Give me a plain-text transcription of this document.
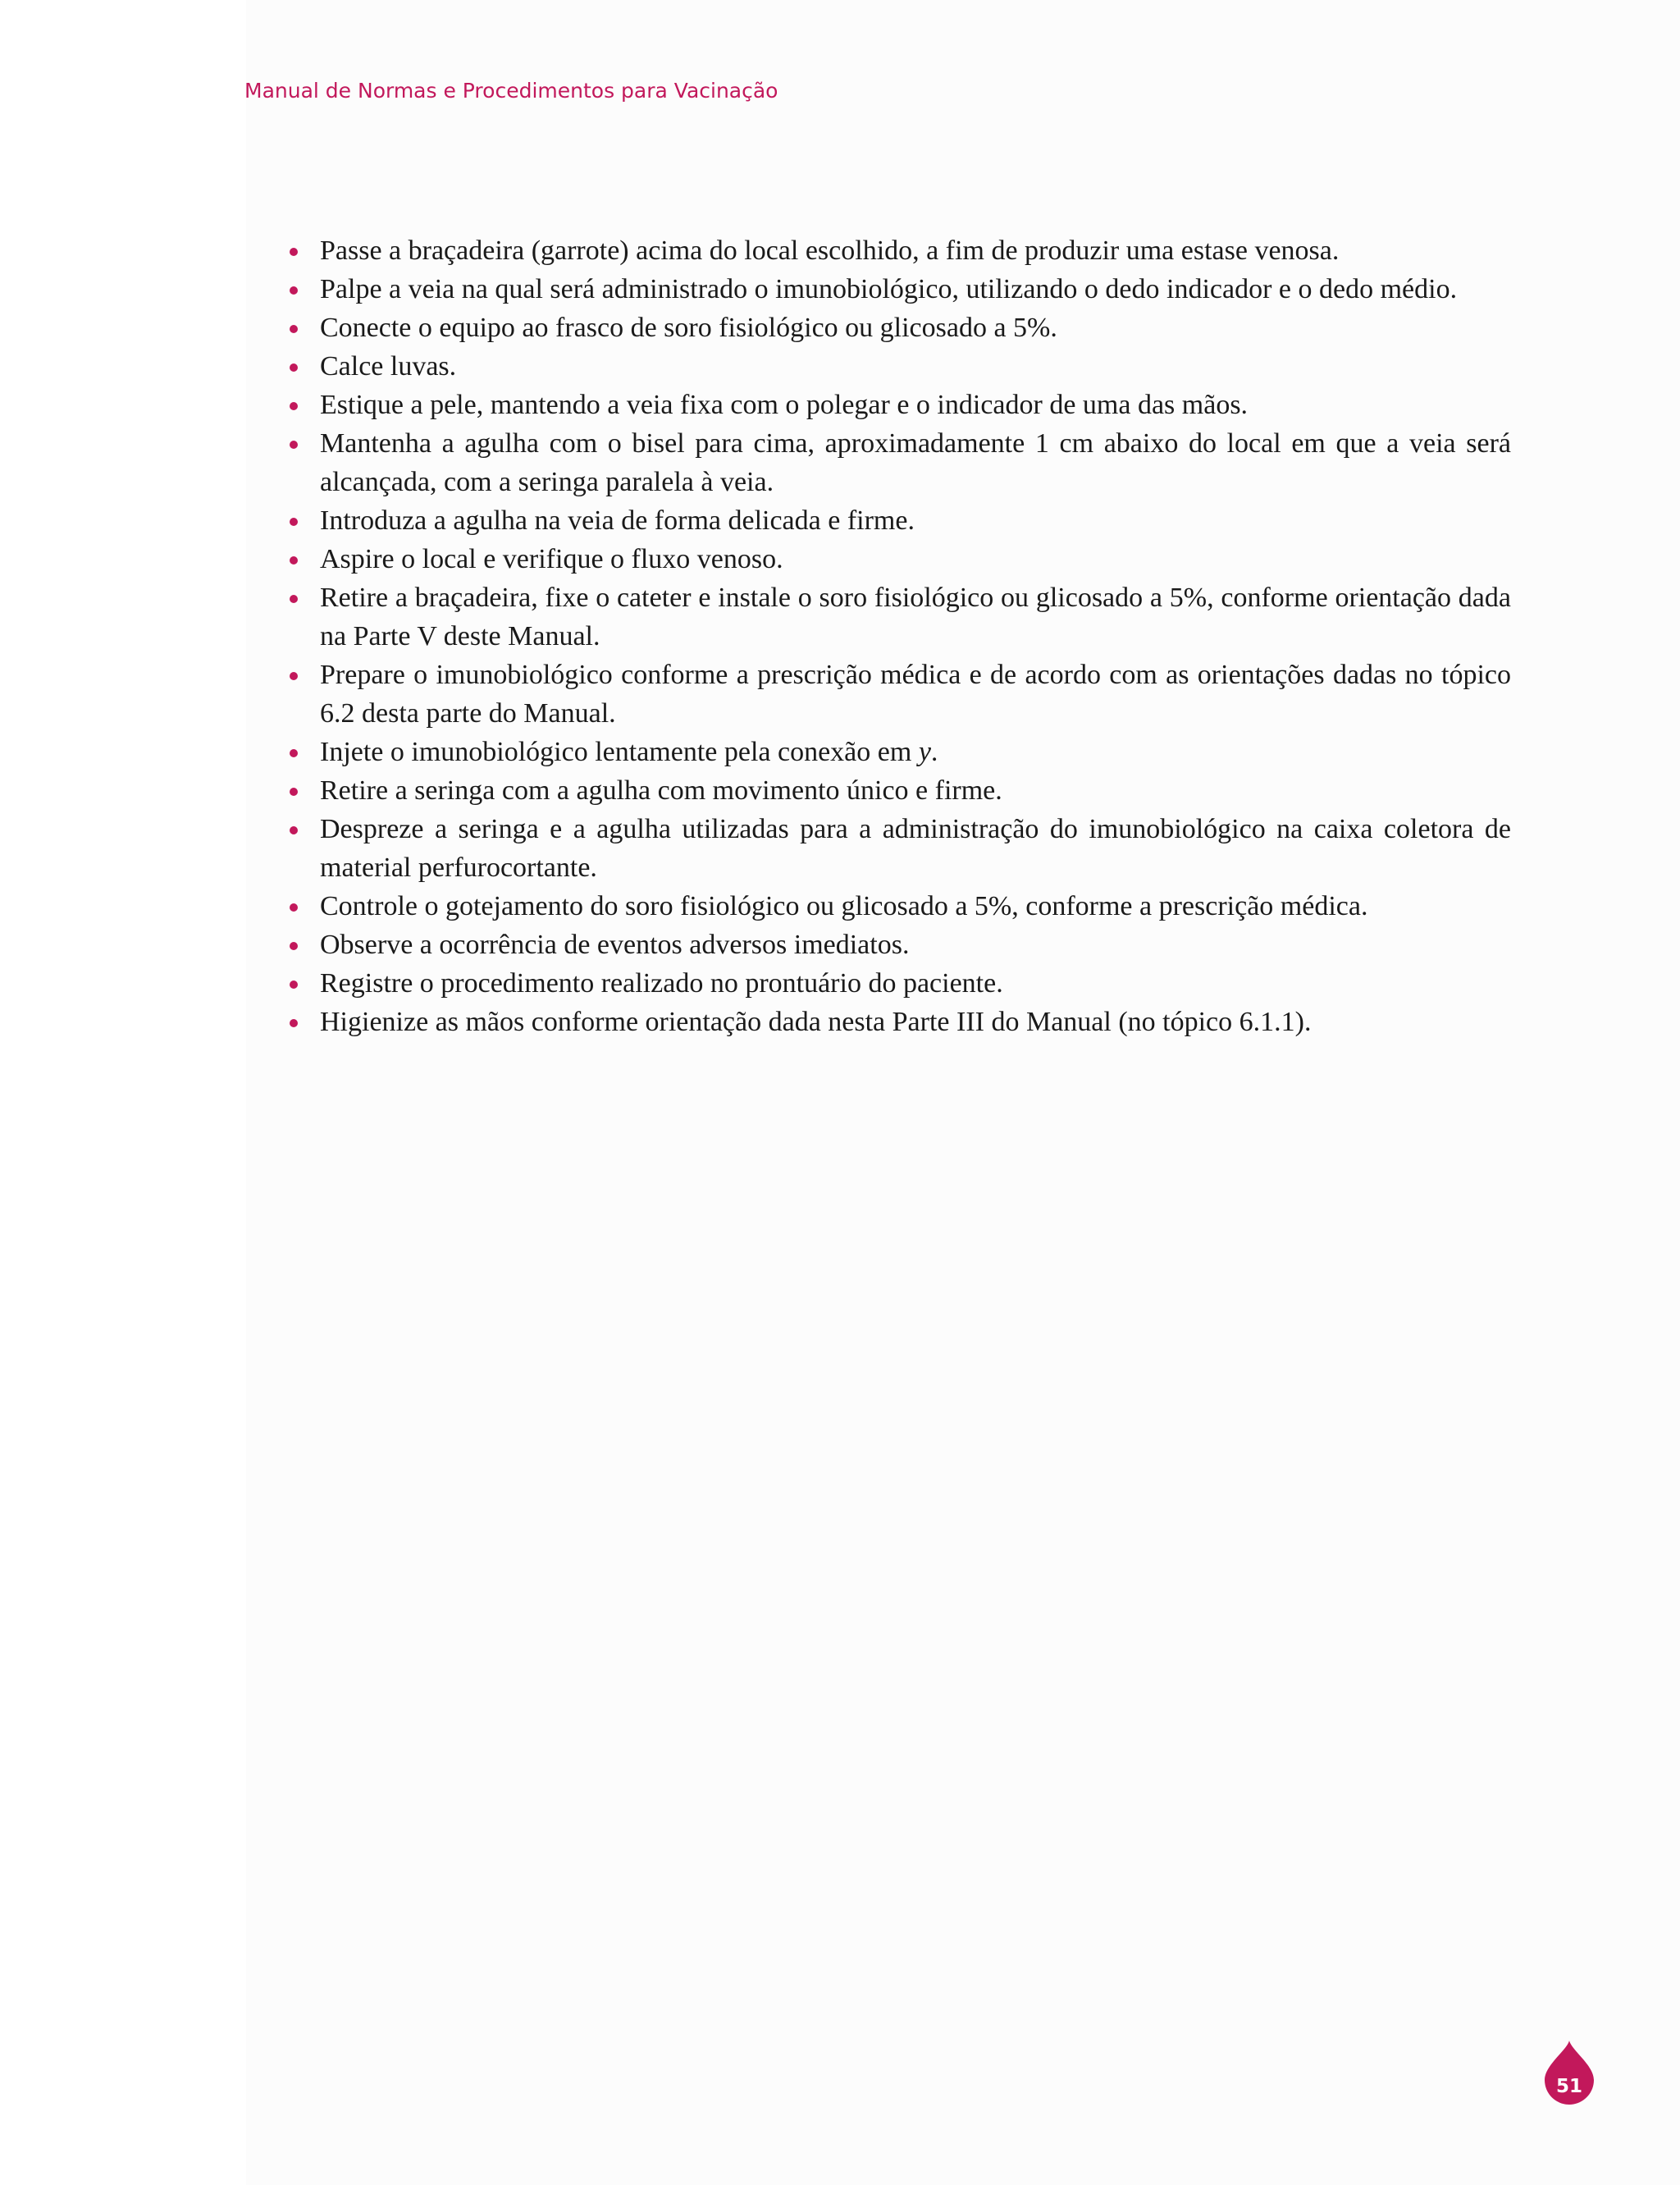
Manual de Normas e Procedimentos para Vacinação
Passe a braçadeira (garrote) acima do local escolhido, a fim de produzir uma estase venosa.
Palpe a veia na qual será administrado o imunobiológico, utilizando o dedo indicador e o dedo médio.
Conecte o equipo ao frasco de soro fisiológico ou glicosado a 5%.
Calce luvas.
Estique a pele, mantendo a veia fixa com o polegar e o indicador de uma das mãos.
Mantenha a agulha com o bisel para cima, aproximadamente 1 cm abaixo do local em que a veia será alcançada, com a seringa paralela à veia.
Introduza a agulha na veia de forma delicada e firme.
Aspire o local e verifique o fluxo venoso.
Retire a braçadeira, fixe o cateter e instale o soro fisiológico ou glicosado a 5%, conforme orientação dada na Parte V deste Manual.
Prepare o imunobiológico conforme a prescrição médica e de acordo com as orientações dadas no tópico 6.2 desta parte do Manual.
Injete o imunobiológico lentamente pela conexão em y.
Retire a seringa com a agulha com movimento único e firme.
Despreze a seringa e a agulha utilizadas para a administração do imunobiológico na caixa coletora de material perfurocortante.
Controle o gotejamento do soro fisiológico ou glicosado a 5%, conforme a prescrição médica.
Observe a ocorrência de eventos adversos imediatos.
Registre o procedimento realizado no prontuário do paciente.
Higienize as mãos conforme orientação dada nesta Parte III do Manual (no tópico 6.1.1).
51
